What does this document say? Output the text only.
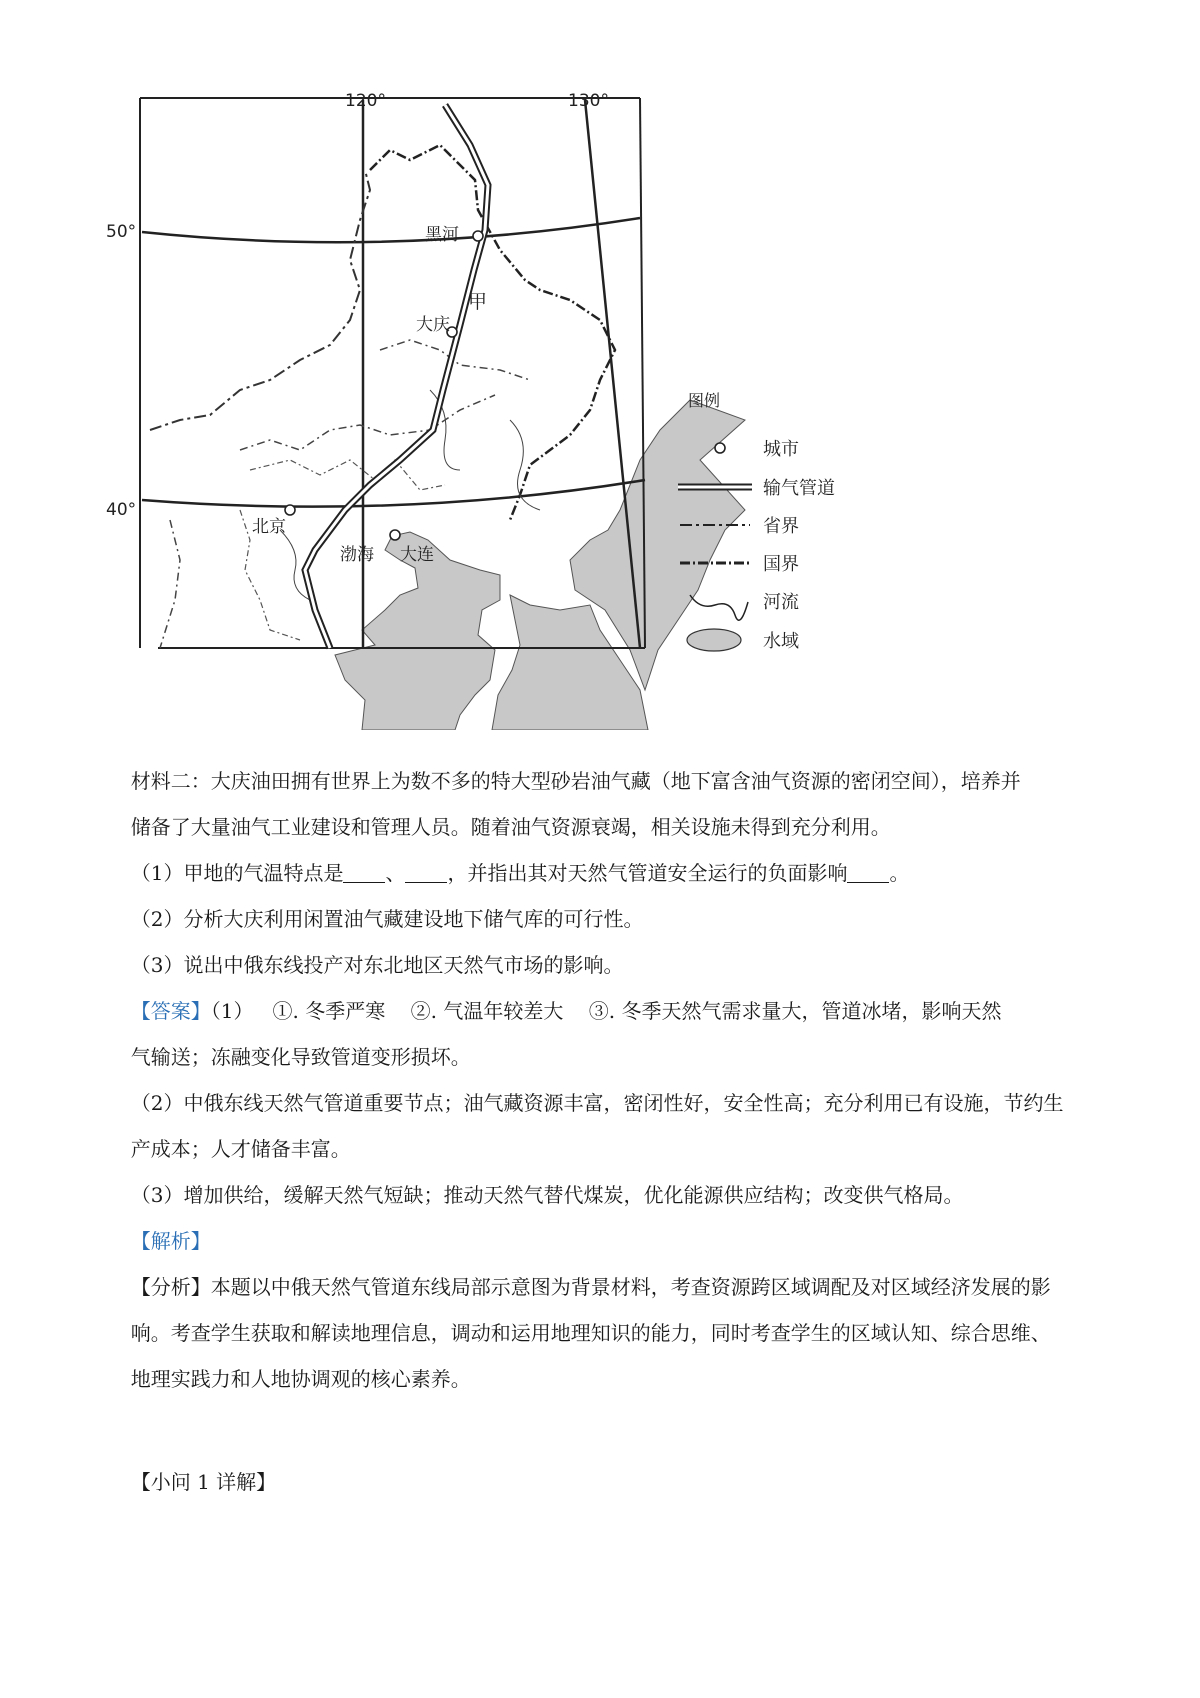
120°	130°
50°
40°
黑河
甲
大庆
北京
渤海 大连
图例
城市
输气管道
省界
国界
河流
水域

材料二：大庆油田拥有世界上为数不多的特大型砂岩油气藏（地下富含油气资源的密闭空间），培养并

储备了大量油气工业建设和管理人员。随着油气资源衰竭，相关设施未得到充分利用。

（1）甲地的气温特点是 、 ，并指出其对天然气管道安全运行的负面影响 。

（2）分析大庆利用闲置油气藏建设地下储气库的可行性。

（3）说出中俄东线投产对东北地区天然气市场的影响。

【答案】（1）   ①. 冬季严寒    ②. 气温年较差大    ③. 冬季天然气需求量大，管道冰堵，影响天然

气输送；冻融变化导致管道变形损坏。

（2）中俄东线天然气管道重要节点；油气藏资源丰富，密闭性好，安全性高；充分利用已有设施，节约生

产成本；人才储备丰富。

（3）增加供给，缓解天然气短缺；推动天然气替代煤炭，优化能源供应结构；改变供气格局。

【解析】

【分析】本题以中俄天然气管道东线局部示意图为背景材料，考查资源跨区域调配及对区域经济发展的影

响。考查学生获取和解读地理信息，调动和运用地理知识的能力，同时考查学生的区域认知、综合思维、

地理实践力和人地协调观的核心素养。

【小问 1 详解】
